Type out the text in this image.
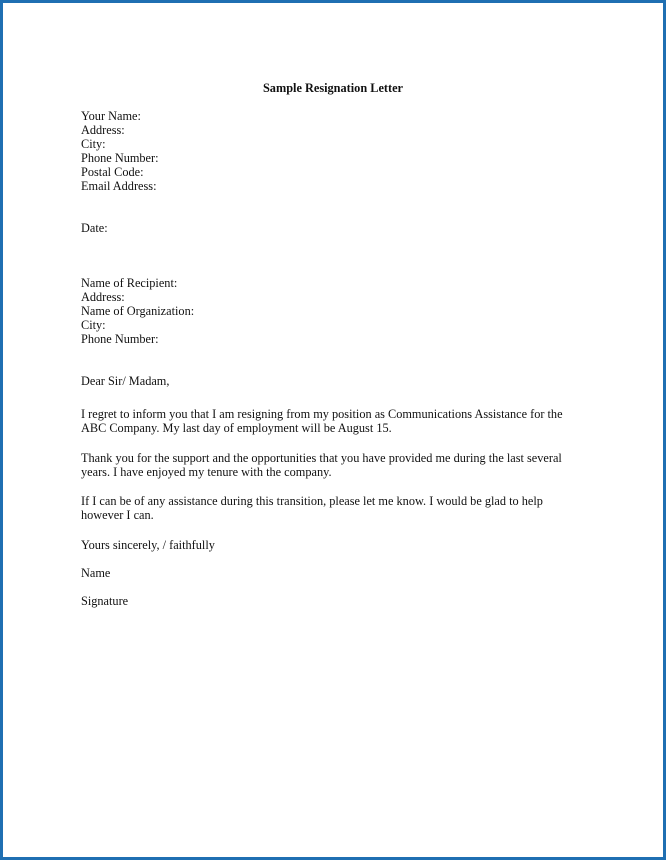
Sample Resignation Letter
Your Name:
Address:
City:
Phone Number:
Postal Code:
Email Address:
Date:
Name of Recipient:
Address:
Name of Organization:
City:
Phone Number:
Dear Sir/ Madam,
I regret to inform you that I am resigning from my position as Communications Assistance for the
ABC Company. My last day of employment will be August 15.
Thank you for the support and the opportunities that you have provided me during the last several
years. I have enjoyed my tenure with the company.
If I can be of any assistance during this transition, please let me know. I would be glad to help
however I can.
Yours sincerely, / faithfully
Name
Signature
